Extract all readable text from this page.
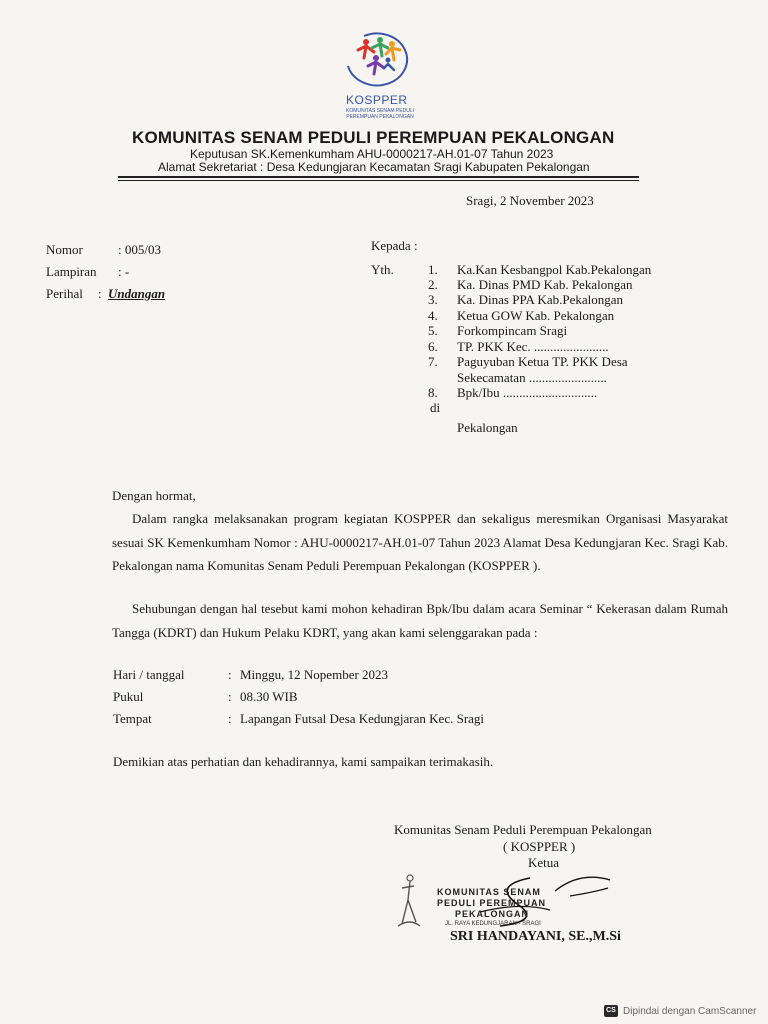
KOSPPER
KOMUNITAS SENAM PEDULI PEREMPUAN PEKALONGAN
KOMUNITAS SENAM PEDULI PEREMPUAN PEKALONGAN
Keputusan SK.Kemenkumham AHU-0000217-AH.01-07 Tahun 2023
Alamat Sekretariat : Desa Kedungjaran Kecamatan Sragi Kabupaten Pekalongan
Sragi, 2 November 2023
Nomor	: 005/03
Lampiran : -
Perihal : Undangan
Kepada :
Yth.	1. Ka.Kan Kesbangpol Kab.Pekalongan
2. Ka. Dinas PMD Kab. Pekalongan
3. Ka. Dinas PPA Kab.Pekalongan
4. Ketua GOW Kab. Pekalongan
5. Forkompincam Sragi
6. TP. PKK Kec. .......................
7. Paguyuban Ketua TP. PKK Desa
Sekecamatan ........................
8. Bpk/Ibu .............................
di
Pekalongan
Dengan hormat,
Dalam rangka melaksanakan program kegiatan KOSPPER dan sekaligus meresmikan Organisasi Masyarakat sesuai SK Kemenkumham Nomor : AHU-0000217-AH.01-07 Tahun 2023 Alamat Desa Kedungjaran Kec. Sragi Kab. Pekalongan nama Komunitas Senam Peduli Perempuan Pekalongan (KOSPPER ).
Sehubungan dengan hal tesebut kami mohon kehadiran Bpk/Ibu dalam acara Seminar “ Kekerasan dalam Rumah Tangga (KDRT) dan Hukum Pelaku KDRT, yang akan kami selenggarakan pada :
Hari / tanggal	: Minggu, 12 Nopember 2023
Pukul	: 08.30 WIB
Tempat	: Lapangan Futsal Desa Kedungjaran Kec. Sragi
Demikian atas perhatian dan kehadirannya, kami sampaikan terimakasih.
Komunitas Senam Peduli Perempuan Pekalongan
( KOSPPER )
Ketua
KOMUNITAS SENAM
PEDULI PEREMPUAN
PEKALONGAN
JL. RAYA KEDUNGJARAN - SRAGI
SRI HANDAYANI, SE.,M.Si
CS Dipindai dengan CamScanner
